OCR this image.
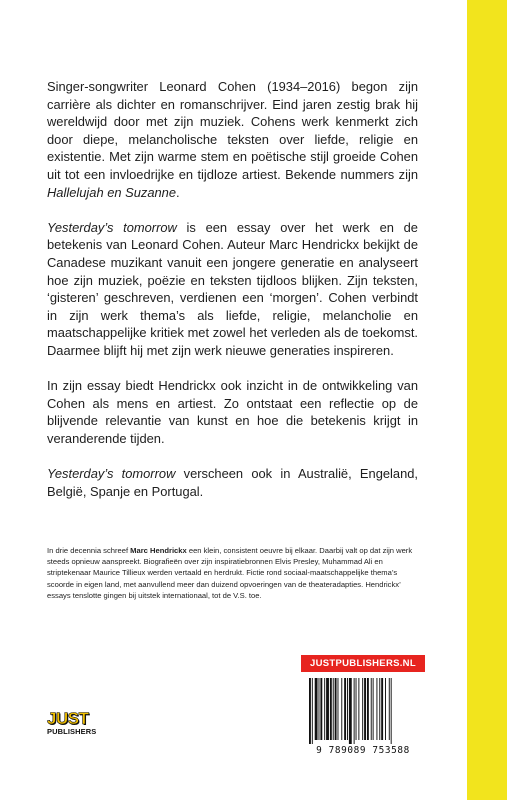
Singer-songwriter Leonard Cohen (1934–2016) begon zijn carrière als dichter en romanschrijver. Eind jaren zestig brak hij wereldwijd door met zijn muziek. Cohens werk kenmerkt zich door diepe, melancholische teksten over liefde, religie en existentie. Met zijn warme stem en poëtische stijl groeide Cohen uit tot een invloedrijke en tijdloze artiest. Bekende nummers zijn Hallelujah en Suzanne.

Yesterday’s tomorrow is een essay over het werk en de betekenis van Leonard Cohen. Auteur Marc Hendrickx bekijkt de Canadese muzikant vanuit een jongere generatie en analyseert hoe zijn muziek, poëzie en teksten tijdloos blijken. Zijn teksten, ‘gisteren’ geschreven, verdienen een ‘morgen’. Cohen verbindt in zijn werk thema’s als liefde, religie, melancholie en maatschappelijke kritiek met zowel het verleden als de toekomst. Daarmee blijft hij met zijn werk nieuwe generaties inspireren.

In zijn essay biedt Hendrickx ook inzicht in de ontwikkeling van Cohen als mens en artiest. Zo ontstaat een reflectie op de blijvende relevantie van kunst en hoe die betekenis krijgt in veranderende tijden.

Yesterday’s tomorrow verscheen ook in Australië, Engeland, België, Spanje en Portugal.

In drie decennia schreef Marc Hendrickx een klein, consistent oeuvre bij elkaar. Daarbij valt op dat zijn werk steeds opnieuw aanspreekt. Biografieën over zijn inspiratiebronnen Elvis Presley, Muhammad Ali en striptekenaar Maurice Tillieux werden vertaald en herdrukt. Fictie rond sociaal-maatschappelijke thema’s scoorde in eigen land, met aanvullend meer dan duizend opvoeringen van de theateradapties. Hendrickx’ essays tenslotte gingen bij uitstek internationaal, tot de V.S. toe.
JUSTPUBLISHERS.NL
9 789089 753588
JUST
PUBLISHERS
